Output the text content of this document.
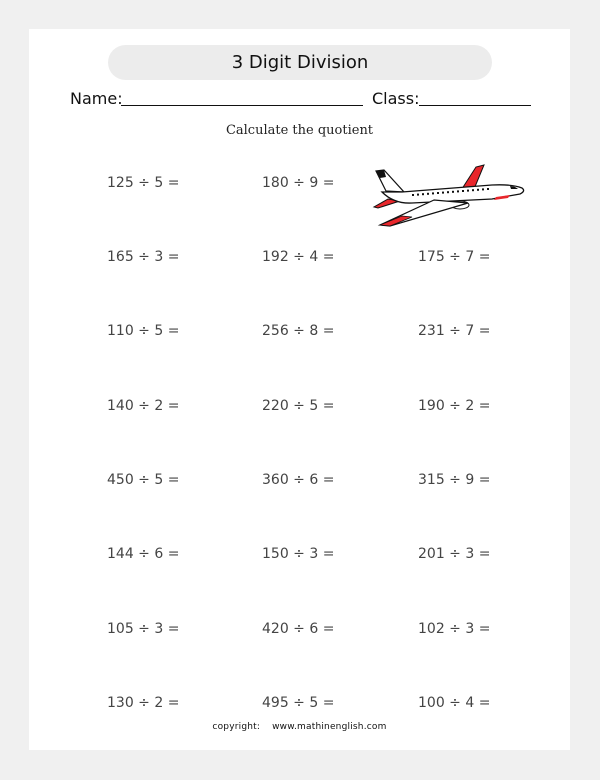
3 Digit Division
Name:	Class:
Calculate the quotient
125 ÷ 5 =	180 ÷ 9 =
165 ÷ 3 =	192 ÷ 4 =	175 ÷ 7 =
110 ÷ 5 =	256 ÷ 8 =	231 ÷ 7 =
140 ÷ 2 =	220 ÷ 5 =	190 ÷ 2 =
450 ÷ 5 =	360 ÷ 6 =	315 ÷ 9 =
144 ÷ 6 =	150 ÷ 3 =	201 ÷ 3 =
105 ÷ 3 =	420 ÷ 6 =	102 ÷ 3 =
130 ÷ 2 =	495 ÷ 5 =	100 ÷ 4 =
copyright: www.mathinenglish.com
